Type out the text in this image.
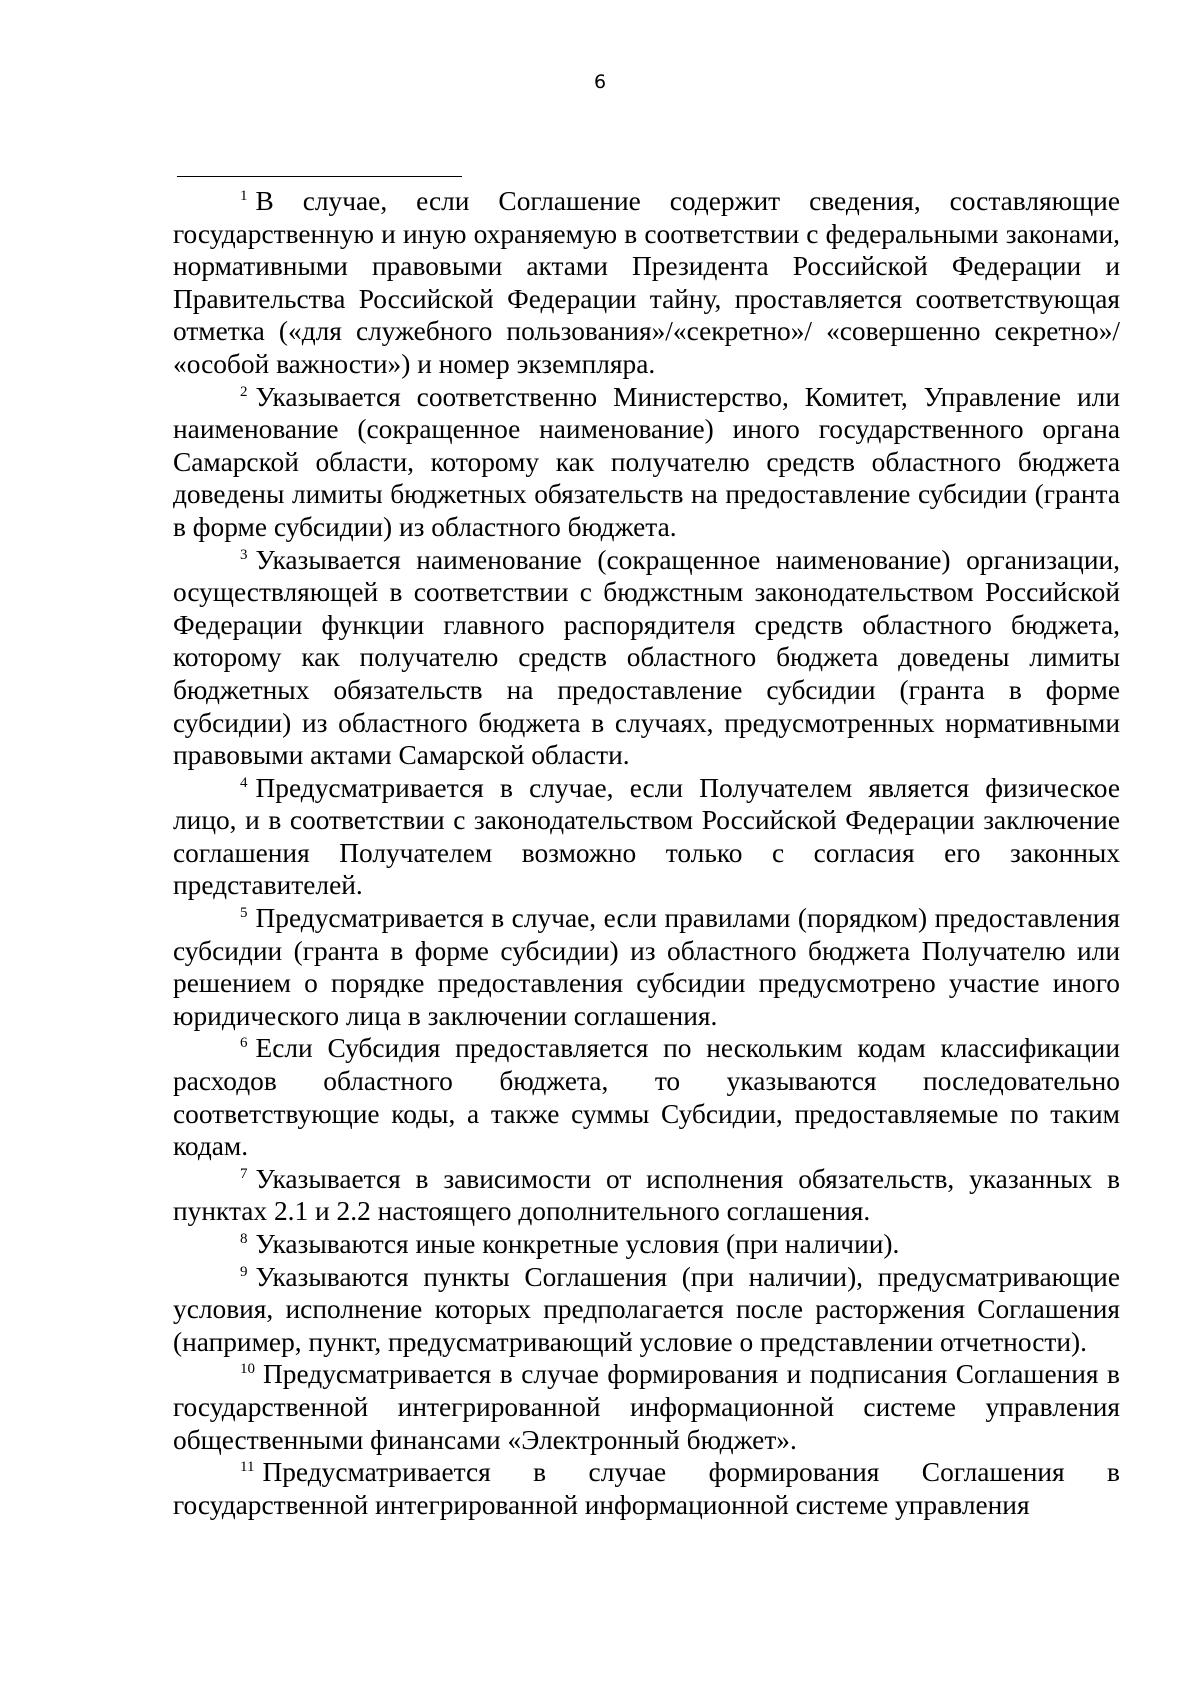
6

$^1$ В случае, если Соглашение содержит сведения, составляющие государственную и иную охраняемую в соответствии с федеральными законами, нормативными правовыми актами Президента Российской Федерации и Правительства Российской Федерации тайну, проставляется соответствующая отметка («для служебного пользования»/«секретно»/ «совершенно секретно»/ «особой важности») и номер экземпляра.

$^2$ Указывается соответственно Министерство, Комитет, Управление или наименование (сокращенное наименование) иного государственного органа Самарской области, которому как получателю средств областного бюджета доведены лимиты бюджетных обязательств на предоставление субсидии (гранта в форме субсидии) из областного бюджета.

$^3$ Указывается наименование (сокращенное наименование) организации, осуществляющей в соответствии с бюджстным законодательством Российской Федерации функции главного распорядителя средств областного бюджета, которому как получателю средств областного бюджета доведены лимиты бюджетных обязательств на предоставление субсидии (гранта в форме субсидии) из областного бюджета в случаях, предусмотренных нормативными правовыми актами Самарской области.

$^4$ Предусматривается в случае, если Получателем является физическое лицо, и в соответствии с законодательством Российской Федерации заключение соглашения Получателем возможно только с согласия его законных представителей.

$^5$ Предусматривается в случае, если правилами (порядком) предоставления субсидии (гранта в форме субсидии) из областного бюджета Получателю или решением о порядке предоставления субсидии предусмотрено участие иного юридического лица в заключении соглашения.

$^6$ Если Субсидия предоставляется по нескольким кодам классификации расходов областного бюджета, то указываются последовательно соответствующие коды, а также суммы Субсидии, предоставляемые по таким кодам.

$^7$ Указывается в зависимости от исполнения обязательств, указанных в пунктах 2.1 и 2.2 настоящего дополнительного соглашения.

$^8$ Указываются иные конкретные условия (при наличии).

$^9$ Указываются пункты Соглашения (при наличии), предусматривающие условия, исполнение которых предполагается после расторжения Соглашения (например, пункт, предусматривающий условие о представлении отчетности).

$^{10}$ Предусматривается в случае формирования и подписания Соглашения в государственной интегрированной информационной системе управления общественными финансами «Электронный бюджет».

$^{11}$ Предусматривается в случае формирования Соглашения в государственной интегрированной информационной системе управления
